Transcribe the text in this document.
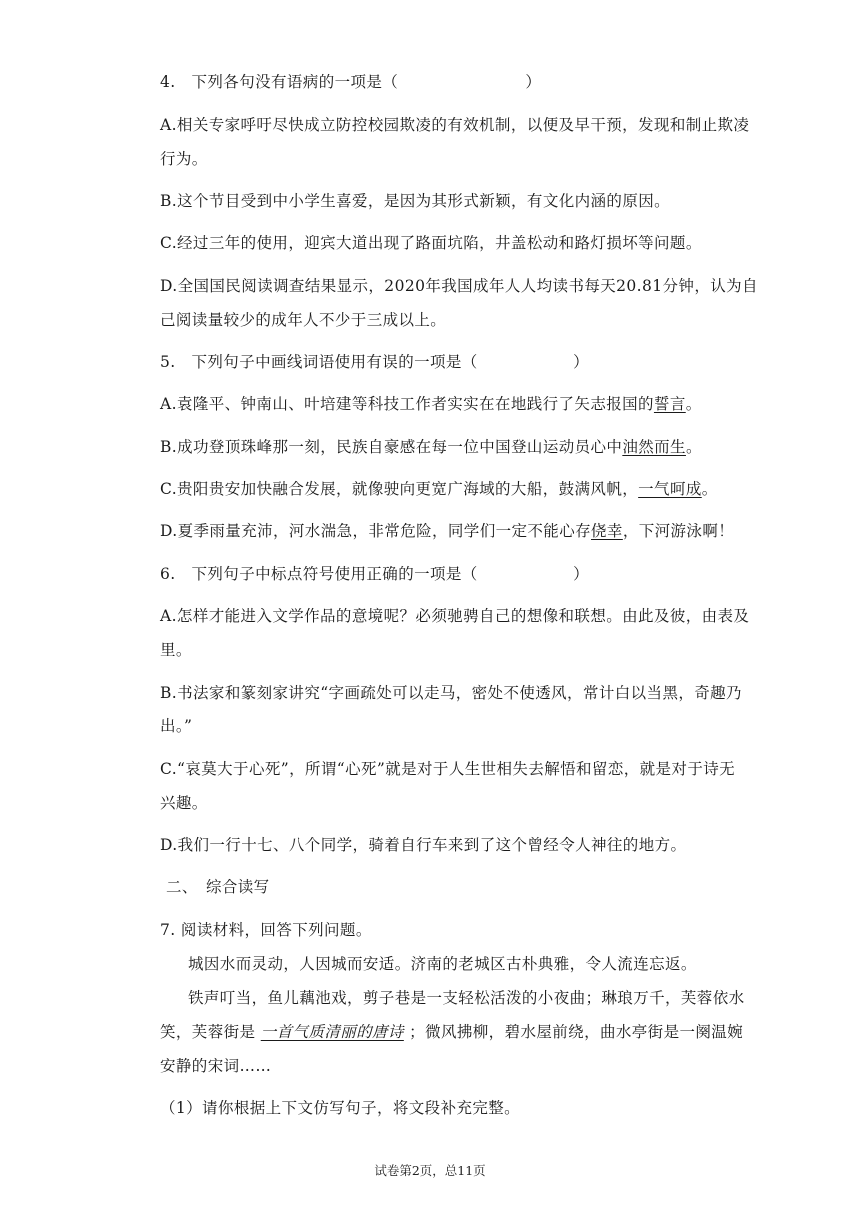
4.　下列各句没有语病的一项是（　　　　　　　　）
A.相关专家呼吁尽快成立防控校园欺凌的有效机制，以便及早干预，发现和制止欺凌
行为。
B.这个节目受到中小学生喜爱，是因为其形式新颖，有文化内涵的原因。
C.经过三年的使用，迎宾大道出现了路面坑陷，井盖松动和路灯损坏等问题。
D.全国国民阅读调查结果显示，2020年我国成年人人均读书每天20.81分钟，认为自
己阅读量较少的成年人不少于三成以上。
5.　下列句子中画线词语使用有误的一项是（　　　　　　）
A.袁隆平、钟南山、叶培建等科技工作者实实在在地践行了矢志报国的誓言。
B.成功登顶珠峰那一刻，民族自豪感在每一位中国登山运动员心中油然而生。
C.贵阳贵安加快融合发展，就像驶向更宽广海域的大船，鼓满风帆，一气呵成。
D.夏季雨量充沛，河水湍急，非常危险，同学们一定不能心存侥幸，下河游泳啊！
6.　下列句子中标点符号使用正确的一项是（　　　　　　）
A.怎样才能进入文学作品的意境呢？必须驰骋自己的想像和联想。由此及彼，由表及
里。
B.书法家和篆刻家讲究“字画疏处可以走马，密处不使透风，常计白以当黑，奇趣乃
出。”
C.“哀莫大于心死”，所谓“心死”就是对于人生世相失去解悟和留恋，就是对于诗无
兴趣。
D.我们一行十七、八个同学，骑着自行车来到了这个曾经令人神往的地方。
二、　综合读写
7. 阅读材料，回答下列问题。
城因水而灵动，人因城而安适。济南的老城区古朴典雅，令人流连忘返。
铁声叮当，鱼儿藕池戏，剪子巷是一支轻松活泼的小夜曲；琳琅万千，芙蓉依水
笑，芙蓉街是 一首气质清丽的唐诗 ；微风拂柳，碧水屋前绕，曲水亭街是一阕温婉
安静的宋词……
（1）请你根据上下文仿写句子，将文段补充完整。
试卷第2页，总11页
